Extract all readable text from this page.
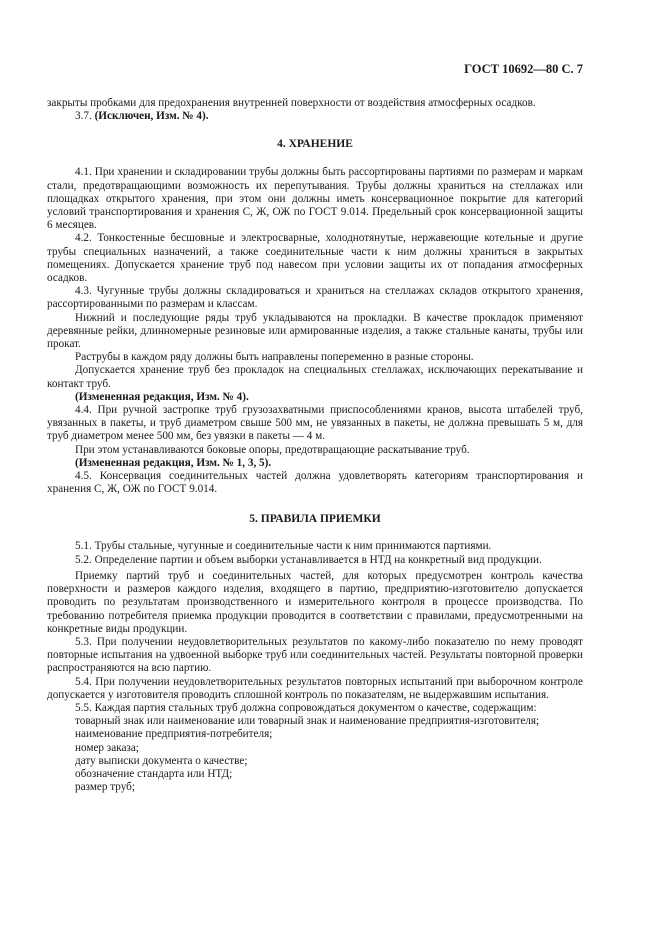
ГОСТ 10692—80 С. 7

закрыты пробками для предохранения внутренней поверхности от воздействия атмосферных осадков.

3.7. (Исключен, Изм. № 4).

4. ХРАНЕНИЕ

4.1. При хранении и складировании трубы должны быть рассортированы партиями по размерам и маркам стали, предотвращающими возможность их перепутывания. Трубы должны храниться на стеллажах или площадках открытого хранения, при этом они должны иметь консервационное покрытие для категорий условий транспортирования и хранения С, Ж, ОЖ по ГОСТ 9.014. Предельный срок консервационной защиты 6 месяцев.

4.2. Тонкостенные бесшовные и электросварные, холоднотянутые, нержавеющие котельные и другие трубы специальных назначений, а также соединительные части к ним должны храниться в закрытых помещениях. Допускается хранение труб под навесом при условии защиты их от попадания атмосферных осадков.

4.3. Чугунные трубы должны складироваться и храниться на стеллажах складов открытого хранения, рассортированными по размерам и классам.

Нижний и последующие ряды труб укладываются на прокладки. В качестве прокладок применяют деревянные рейки, длинномерные резиновые или армированные изделия, а также стальные канаты, трубы или прокат.

Раструбы в каждом ряду должны быть направлены попеременно в разные стороны.

Допускается хранение труб без прокладок на специальных стеллажах, исключающих перекатывание и контакт труб.

(Измененная редакция, Изм. № 4).

4.4. При ручной застропке труб грузозахватными приспособлениями кранов, высота штабелей труб, увязанных в пакеты, и труб диаметром свыше 500 мм, не увязанных в пакеты, не должна превышать 5 м, для труб диаметром менее 500 мм, без увязки в пакеты — 4 м.

При этом устанавливаются боковые опоры, предотвращающие раскатывание труб.

(Измененная редакция, Изм. № 1, 3, 5).

4.5. Консервация соединительных частей должна удовлетворять категориям транспортирования и хранения С, Ж, ОЖ по ГОСТ 9.014.

5. ПРАВИЛА ПРИЕМКИ

5.1. Трубы стальные, чугунные и соединительные части к ним принимаются партиями.

5.2. Определение партии и объем выборки устанавливается в НТД на конкретный вид продукции.

Приемку партий труб и соединительных частей, для которых предусмотрен контроль качества поверхности и размеров каждого изделия, входящего в партию, предприятию-изготовителю допускается проводить по результатам производственного и измерительного контроля в процессе производства. По требованию потребителя приемка продукции проводится в соответствии с правилами, предусмотренными на конкретные виды продукции.

5.3. При получении неудовлетворительных результатов по какому-либо показателю по нему проводят повторные испытания на удвоенной выборке труб или соединительных частей. Результаты повторной проверки распространяются на всю партию.

5.4. При получении неудовлетворительных результатов повторных испытаний при выборочном контроле допускается у изготовителя проводить сплошной контроль по показателям, не выдержавшим испытания.

5.5. Каждая партия стальных труб должна сопровождаться документом о качестве, содержащим:

товарный знак или наименование или товарный знак и наименование предприятия-изготовителя;

наименование предприятия-потребителя;

номер заказа;

дату выписки документа о качестве;

обозначение стандарта или НТД;

размер труб;
